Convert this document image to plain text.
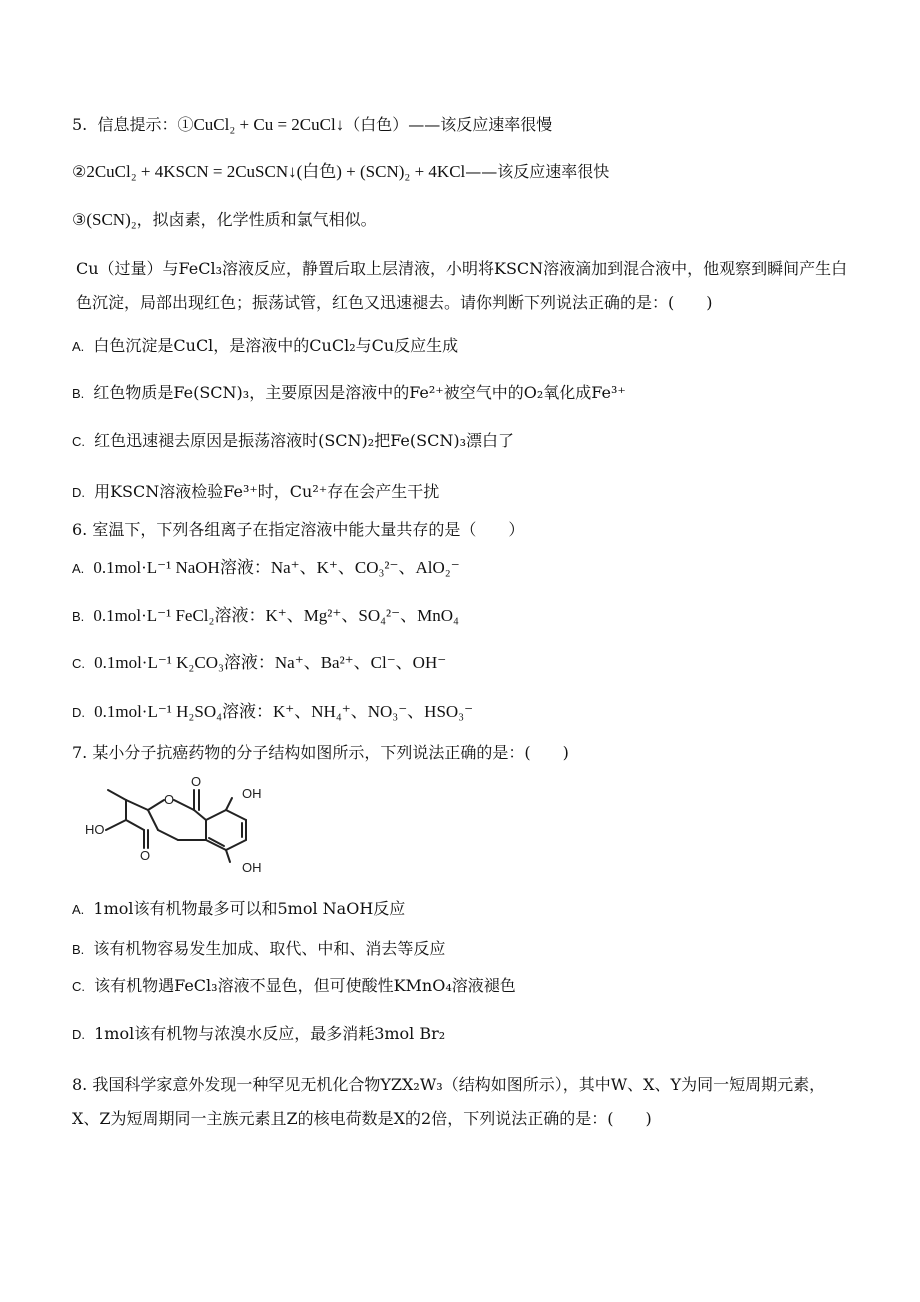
5. 信息提示：①CuCl₂ + Cu = 2CuCl↓（白色）——该反应速率很慢
②2CuCl₂ + 4KSCN = 2CuSCN↓(白色) + (SCN)₂ + 4KCl——该反应速率很快
③(SCN)₂，拟卤素，化学性质和氯气相似。
Cu（过量）与FeCl₃溶液反应，静置后取上层清液，小明将KSCN溶液滴加到混合液中，他观察到瞬间产生白色沉淀，局部出现红色；振荡试管，红色又迅速褪去。请你判断下列说法正确的是：(　　)
A. 白色沉淀是CuCl，是溶液中的CuCl₂与Cu反应生成
B. 红色物质是Fe(SCN)₃，主要原因是溶液中的Fe²⁺被空气中的O₂氧化成Fe³⁺
C. 红色迅速褪去原因是振荡溶液时(SCN)₂把Fe(SCN)₃漂白了
D. 用KSCN溶液检验Fe³⁺时，Cu²⁺存在会产生干扰
6. 室温下，下列各组离子在指定溶液中能大量共存的是（　　）
A. 0.1mol·L⁻¹ NaOH溶液：Na⁺、K⁺、CO₃²⁻、AlO₂⁻
B. 0.1mol·L⁻¹ FeCl₂溶液：K⁺、Mg²⁺、SO₄²⁻、MnO₄
C. 0.1mol·L⁻¹ K₂CO₃溶液：Na⁺、Ba²⁺、Cl⁻、OH⁻
D. 0.1mol·L⁻¹ H₂SO₄溶液：K⁺、NH₄⁺、NO₃⁻、HSO₃⁻
7. 某小分子抗癌药物的分子结构如图所示，下列说法正确的是：(　　)
HO
O
O
O
OH
OH
A. 1mol该有机物最多可以和5mol NaOH反应
B. 该有机物容易发生加成、取代、中和、消去等反应
C. 该有机物遇FeCl₃溶液不显色，但可使酸性KMnO₄溶液褪色
D. 1mol该有机物与浓溴水反应，最多消耗3mol Br₂
8. 我国科学家意外发现一种罕见无机化合物YZX₂W₃（结构如图所示），其中W、X、Y为同一短周期元素，X、Z为短周期同一主族元素且Z的核电荷数是X的2倍，下列说法正确的是：(　　)
